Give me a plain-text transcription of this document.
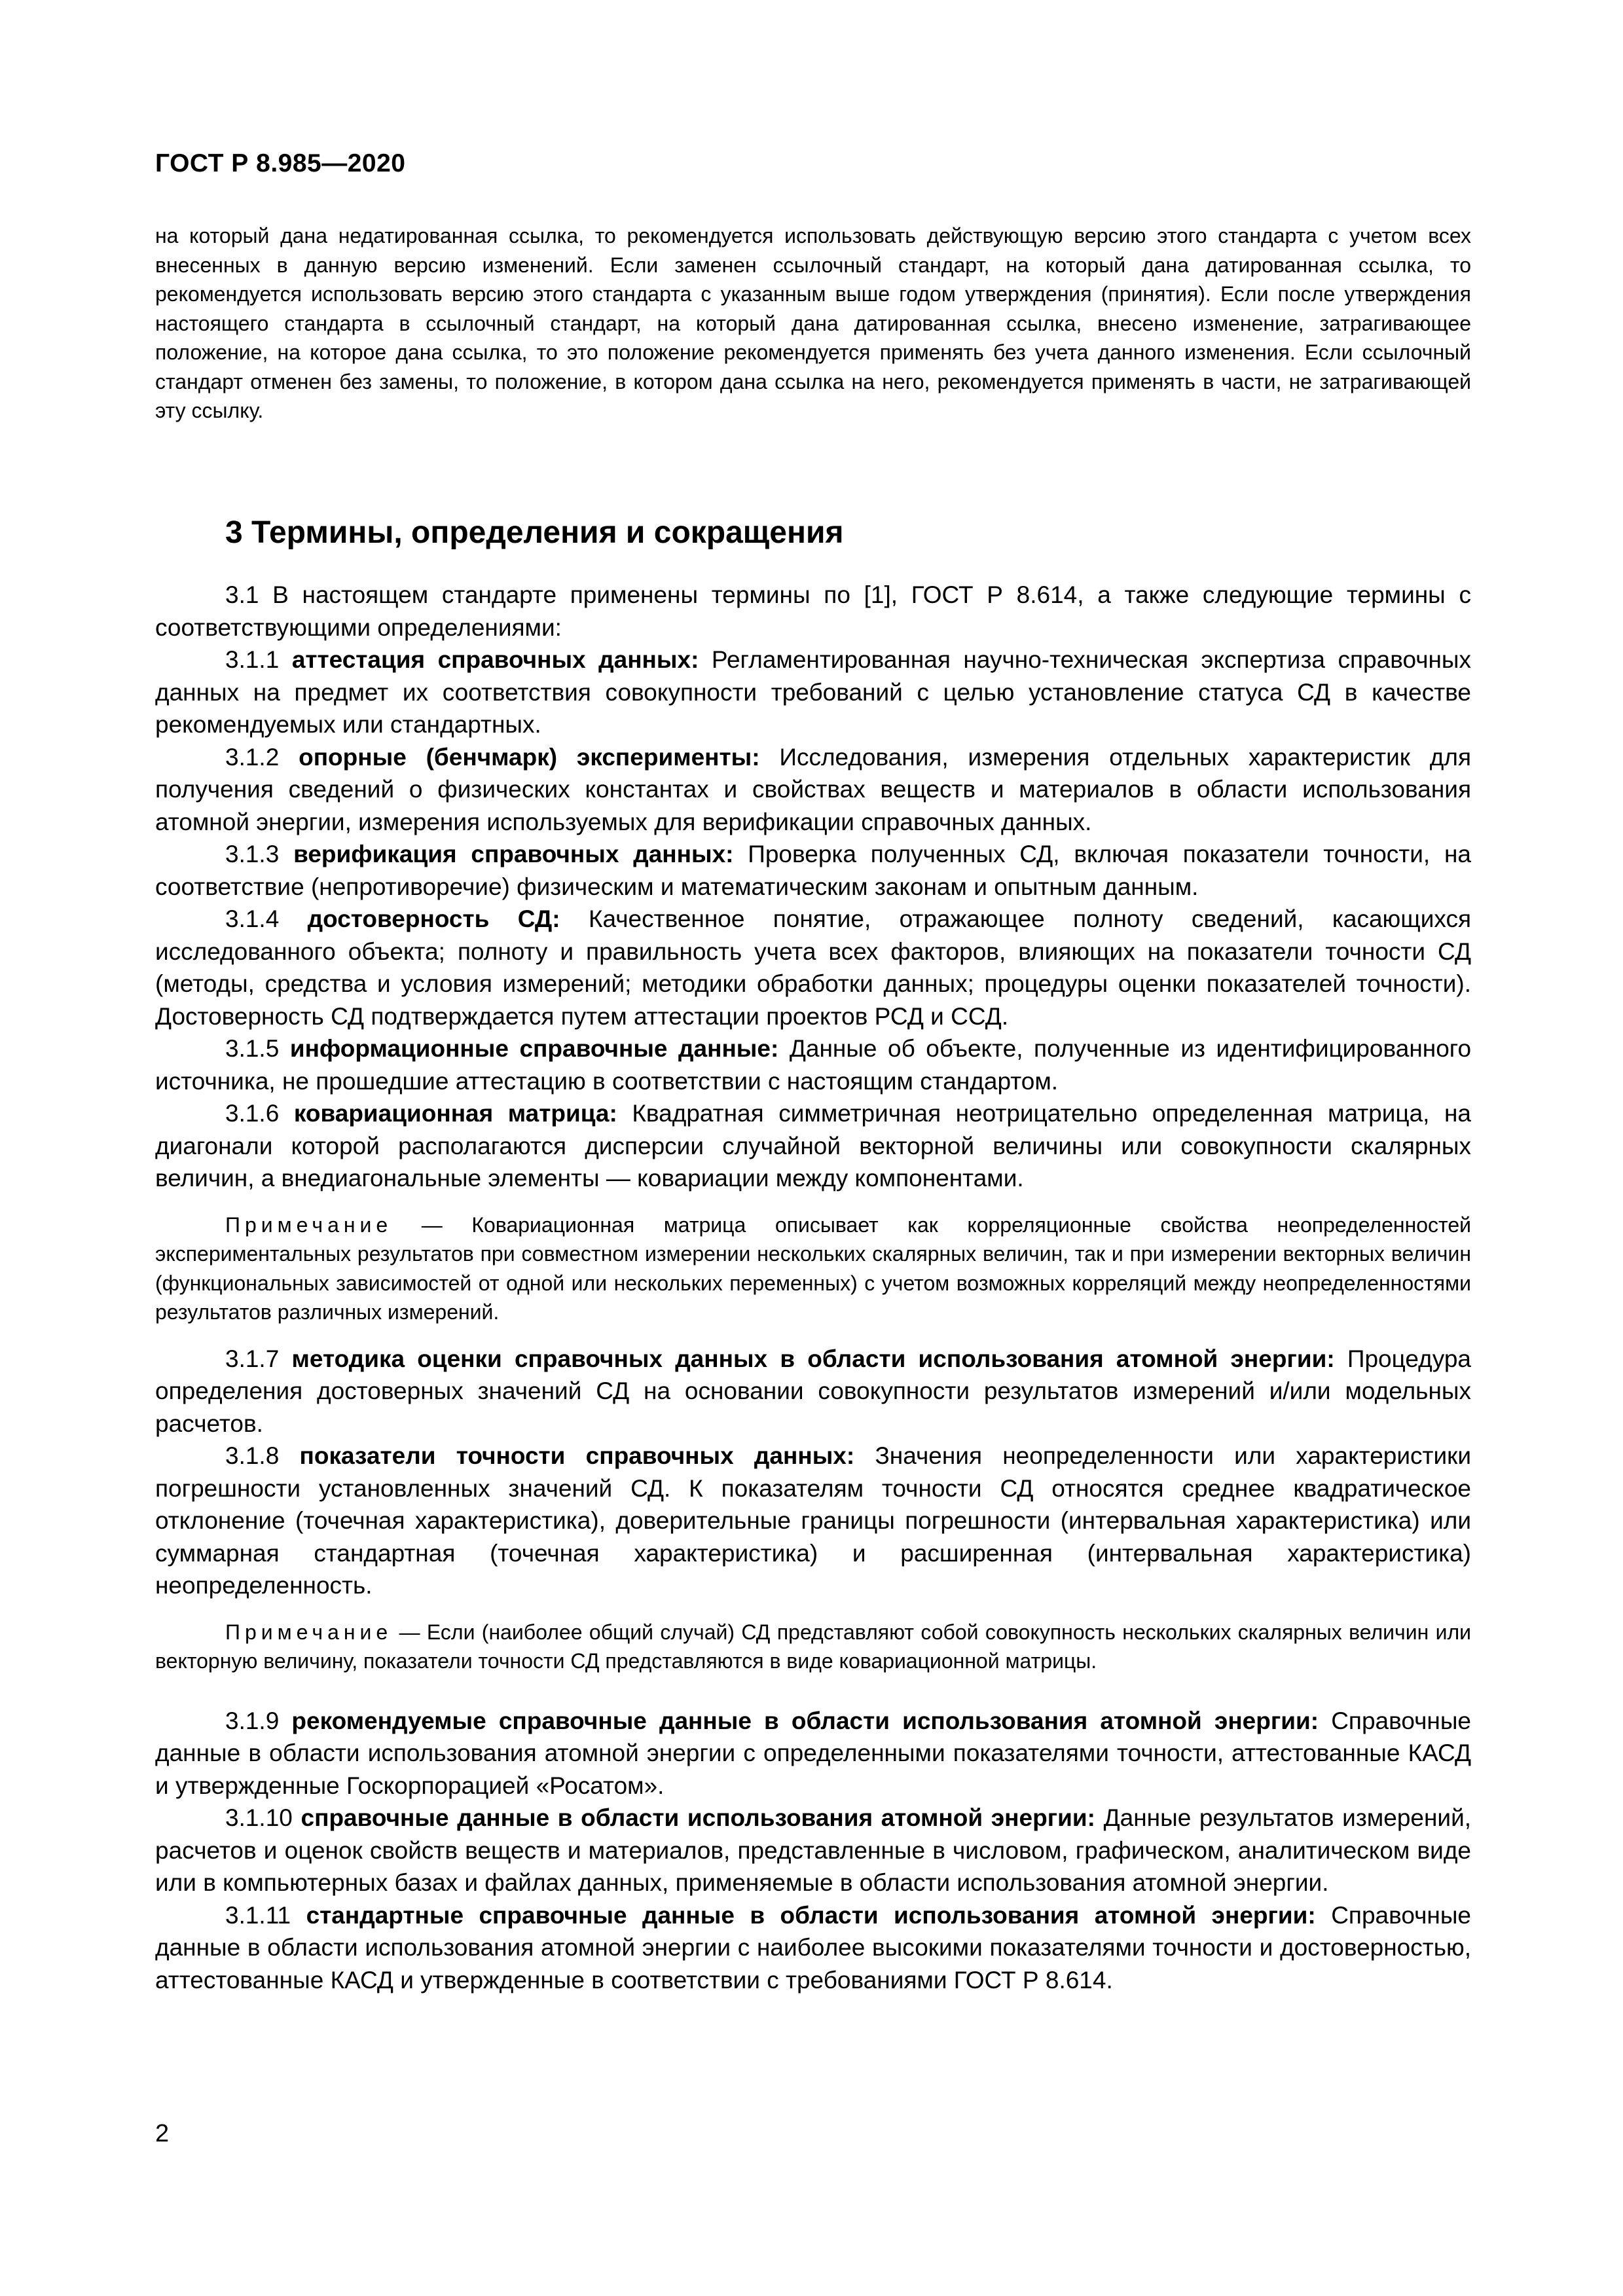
ГОСТ Р 8.985—2020
на который дана недатированная ссылка, то рекомендуется использовать действующую версию этого стандарта с учетом всех внесенных в данную версию изменений. Если заменен ссылочный стандарт, на который дана датированная ссылка, то рекомендуется использовать версию этого стандарта с указанным выше годом утверждения (принятия). Если после утверждения настоящего стандарта в ссылочный стандарт, на который дана датированная ссылка, внесено изменение, затрагивающее положение, на которое дана ссылка, то это положение рекомендуется применять без учета данного изменения. Если ссылочный стандарт отменен без замены, то положение, в котором дана ссылка на него, рекомендуется применять в части, не затрагивающей эту ссылку.
3 Термины, определения и сокращения

3.1 В настоящем стандарте применены термины по [1], ГОСТ Р 8.614, а также следующие термины с соответствующими определениями:

3.1.1 аттестация справочных данных: Регламентированная научно-техническая экспертиза справочных данных на предмет их соответствия совокупности требований с целью установление статуса СД в качестве рекомендуемых или стандартных.

3.1.2 опорные (бенчмарк) эксперименты: Исследования, измерения отдельных характеристик для получения сведений о физических константах и свойствах веществ и материалов в области использования атомной энергии, измерения используемых для верификации справочных данных.

3.1.3 верификация справочных данных: Проверка полученных СД, включая показатели точности, на соответствие (непротиворечие) физическим и математическим законам и опытным данным.

3.1.4 достоверность СД: Качественное понятие, отражающее полноту сведений, касающихся исследованного объекта; полноту и правильность учета всех факторов, влияющих на показатели точности СД (методы, средства и условия измерений; методики обработки данных; процедуры оценки показателей точности). Достоверность СД подтверждается путем аттестации проектов РСД и ССД.

3.1.5 информационные справочные данные: Данные об объекте, полученные из идентифицированного источника, не прошедшие аттестацию в соответствии с настоящим стандартом.

3.1.6 ковариационная матрица: Квадратная симметричная неотрицательно определенная матрица, на диагонали которой располагаются дисперсии случайной векторной величины или совокупности скалярных величин, а внедиагональные элементы — ковариации между компонентами.

Примечание — Ковариационная матрица описывает как корреляционные свойства неопределенностей экспериментальных результатов при совместном измерении нескольких скалярных величин, так и при измерении векторных величин (функциональных зависимостей от одной или нескольких переменных) с учетом возможных корреляций между неопределенностями результатов различных измерений.

3.1.7 методика оценки справочных данных в области использования атомной энергии: Процедура определения достоверных значений СД на основании совокупности результатов измерений и/или модельных расчетов.

3.1.8 показатели точности справочных данных: Значения неопределенности или характеристики погрешности установленных значений СД. К показателям точности СД относятся среднее квадратическое отклонение (точечная характеристика), доверительные границы погрешности (интервальная характеристика) или суммарная стандартная (точечная характеристика) и расширенная (интервальная характеристика) неопределенность.

Примечание — Если (наиболее общий случай) СД представляют собой совокупность нескольких скалярных величин или векторную величину, показатели точности СД представляются в виде ковариационной матрицы.

3.1.9 рекомендуемые справочные данные в области использования атомной энергии: Справочные данные в области использования атомной энергии с определенными показателями точности, аттестованные КАСД и утвержденные Госкорпорацией «Росатом».

3.1.10 справочные данные в области использования атомной энергии: Данные результатов измерений, расчетов и оценок свойств веществ и материалов, представленные в числовом, графическом, аналитическом виде или в компьютерных базах и файлах данных, применяемые в области использования атомной энергии.

3.1.11 стандартные справочные данные в области использования атомной энергии: Справочные данные в области использования атомной энергии с наиболее высокими показателями точности и достоверностью, аттестованные КАСД и утвержденные в соответствии с требованиями ГОСТ Р 8.614.

2
